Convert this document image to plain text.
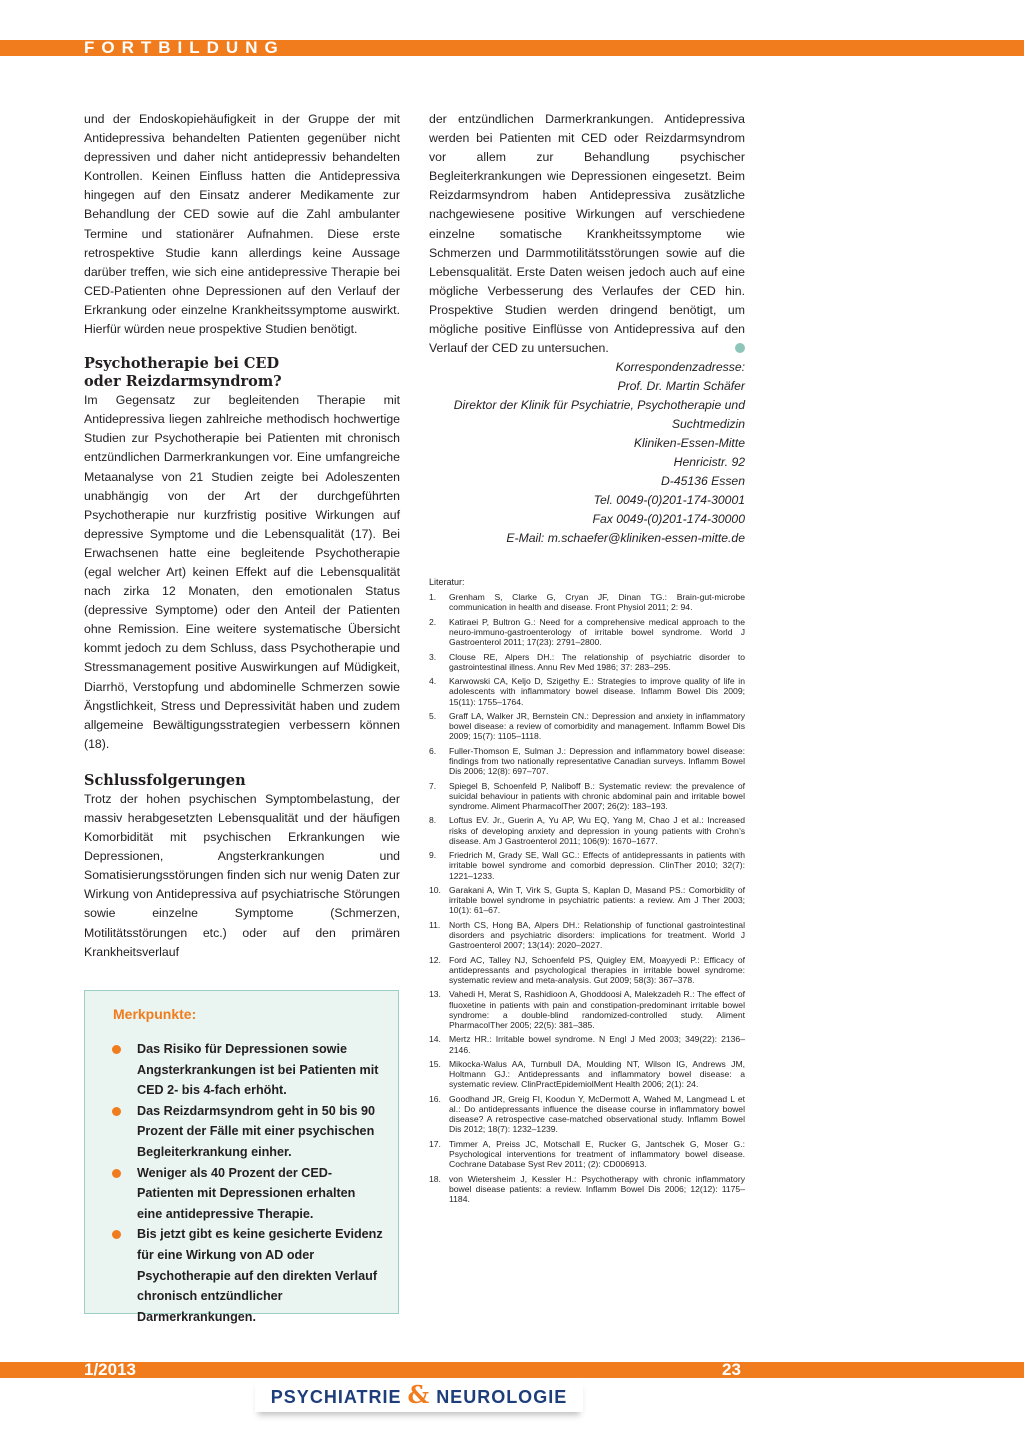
FORTBILDUNG

und der Endoskopiehäufigkeit in der Gruppe der mit Antidepressiva behandelten Patienten gegenüber nicht depressiven und daher nicht antidepressiv behandelten Kontrollen. Keinen Einfluss hatten die Antidepressiva hingegen auf den Einsatz anderer Medikamente zur Behandlung der CED sowie auf die Zahl ambulanter Termine und stationärer Aufnahmen. Diese erste retrospektive Studie kann allerdings keine Aussage darüber treffen, wie sich eine antidepressive Therapie bei CED-Patienten ohne Depressionen auf den Verlauf der Erkrankung oder einzelne Krankheitssymptome auswirkt. Hierfür würden neue prospektive Studien benötigt.

Psychotherapie bei CED
oder Reizdarmsyndrom?

Im Gegensatz zur begleitenden Therapie mit Antidepressiva liegen zahlreiche methodisch hochwertige Studien zur Psychotherapie bei Patienten mit chronisch entzündlichen Darmerkrankungen vor. Eine umfangreiche Metaanalyse von 21 Studien zeigte bei Adoleszenten unabhängig von der Art der durchgeführten Psychotherapie nur kurzfristig positive Wirkungen auf depressive Symptome und die Lebensqualität (17). Bei Erwachsenen hatte eine begleitende Psychotherapie (egal welcher Art) keinen Effekt auf die Lebensqualität nach zirka 12 Monaten, den emotionalen Status (depressive Symptome) oder den Anteil der Patienten ohne Remission. Eine weitere systematische Übersicht kommt jedoch zu dem Schluss, dass Psychotherapie und Stressmanagement positive Auswirkungen auf Müdigkeit, Diarrhö, Verstopfung und abdominelle Schmerzen sowie Ängstlichkeit, Stress und Depressivität haben und zudem allgemeine Bewältigungsstrategien verbessern können (18).

Schlussfolgerungen

Trotz der hohen psychischen Symptombelastung, der massiv herabgesetzten Lebensqualität und der häufigen Komorbidität mit psychischen Erkrankungen wie Depressionen, Angsterkrankungen und Somatisierungsstörungen finden sich nur wenig Daten zur Wirkung von Antidepressiva auf psychiatrische Störungen sowie einzelne Symptome (Schmerzen, Motilitätsstörungen etc.) oder auf den primären Krankheitsverlauf

Merkpunkte:
Das Risiko für Depressionen sowie Angsterkrankungen ist bei Patienten mit CED 2- bis 4-fach erhöht.
Das Reizdarmsyndrom geht in 50 bis 90 Prozent der Fälle mit einer psychischen Begleiterkrankung einher.
Weniger als 40 Prozent der CED-Patienten mit Depressionen erhalten eine antidepressive Therapie.
Bis jetzt gibt es keine gesicherte Evidenz für eine Wirkung von AD oder Psychotherapie auf den direkten Verlauf chronisch entzündlicher Darmerkrankungen.

der entzündlichen Darmerkrankungen. Antidepressiva werden bei Patienten mit CED oder Reizdarmsyndrom vor allem zur Behandlung psychischer Begleiterkrankungen wie Depressionen eingesetzt. Beim Reizdarmsyndrom haben Antidepressiva zusätzliche nachgewiesene positive Wirkungen auf verschiedene einzelne somatische Krankheitssymptome wie Schmerzen und Darmmotilitätsstörungen sowie auf die Lebensqualität. Erste Daten weisen jedoch auch auf eine mögliche Verbesserung des Verlaufes der CED hin. Prospektive Studien werden dringend benötigt, um mögliche positive Einflüsse von Antidepressiva auf den Verlauf der CED zu untersuchen.

Korrespondenzadresse:
Prof. Dr. Martin Schäfer
Direktor der Klinik für Psychiatrie, Psychotherapie und
Suchtmedizin
Kliniken-Essen-Mitte
Henricistr. 92
D-45136 Essen
Tel. 0049-(0)201-174-30001
Fax 0049-(0)201-174-30000
E-Mail: m.schaefer@kliniken-essen-mitte.de
Literatur:
1. Grenham S, Clarke G, Cryan JF, Dinan TG.: Brain-gut-microbe communication in health and disease. Front Physiol 2011; 2: 94.
2. Katiraei P, Bultron G.: Need for a comprehensive medical approach to the neuro-immuno-gastroenterology of irritable bowel syndrome. World J Gastroenterol 2011; 17(23): 2791–2800.
3. Clouse RE, Alpers DH.: The relationship of psychiatric disorder to gastrointestinal illness. Annu Rev Med 1986; 37: 283–295.
4. Karwowski CA, Keljo D, Szigethy E.: Strategies to improve quality of life in adolescents with inflammatory bowel disease. Inflamm Bowel Dis 2009; 15(11): 1755–1764.
5. Graff LA, Walker JR, Bernstein CN.: Depression and anxiety in inflammatory bowel disease: a review of comorbidity and management. Inflamm Bowel Dis 2009; 15(7): 1105–1118.
6. Fuller-Thomson E, Sulman J.: Depression and inflammatory bowel disease: findings from two nationally representative Canadian surveys. Inflamm Bowel Dis 2006; 12(8): 697–707.
7. Spiegel B, Schoenfeld P, Naliboff B.: Systematic review: the prevalence of suicidal behaviour in patients with chronic abdominal pain and irritable bowel syndrome. Aliment PharmacolTher 2007; 26(2): 183–193.
8. Loftus EV. Jr., Guerin A, Yu AP, Wu EQ, Yang M, Chao J et al.: Increased risks of developing anxiety and depression in young patients with Crohn’s disease. Am J Gastroenterol 2011; 106(9): 1670–1677.
9. Friedrich M, Grady SE, Wall GC.: Effects of antidepressants in patients with irritable bowel syndrome and comorbid depression. ClinTher 2010; 32(7): 1221–1233.
10. Garakani A, Win T, Virk S, Gupta S, Kaplan D, Masand PS.: Comorbidity of irritable bowel syndrome in psychiatric patients: a review. Am J Ther 2003; 10(1): 61–67.
11. North CS, Hong BA, Alpers DH.: Relationship of functional gastrointestinal disorders and psychiatric disorders: implications for treatment. World J Gastroenterol 2007; 13(14): 2020–2027.
12. Ford AC, Talley NJ, Schoenfeld PS, Quigley EM, Moayyedi P.: Efficacy of antidepressants and psychological therapies in irritable bowel syndrome: systematic review and meta-analysis. Gut 2009; 58(3): 367–378.
13. Vahedi H, Merat S, Rashidioon A, Ghoddoosi A, Malekzadeh R.: The effect of fluoxetine in patients with pain and constipation-predominant irritable bowel syndrome: a double-blind randomized-controlled study. Aliment PharmacolTher 2005; 22(5): 381–385.
14. Mertz HR.: Irritable bowel syndrome. N Engl J Med 2003; 349(22): 2136–2146.
15. Mikocka-Walus AA, Turnbull DA, Moulding NT, Wilson IG, Andrews JM, Holtmann GJ.: Antidepressants and inflammatory bowel disease: a systematic review. ClinPractEpidemiolMent Health 2006; 2(1): 24.
16. Goodhand JR, Greig FI, Koodun Y, McDermott A, Wahed M, Langmead L et al.: Do antidepressants influence the disease course in inflammatory bowel disease? A retrospective case-matched observational study. Inflamm Bowel Dis 2012; 18(7): 1232–1239.
17. Timmer A, Preiss JC, Motschall E, Rucker G, Jantschek G, Moser G.: Psychological interventions for treatment of inflammatory bowel disease. Cochrane Database Syst Rev 2011; (2): CD006913.
18. von Wietersheim J, Kessler H.: Psychotherapy with chronic inflammatory bowel disease patients: a review. Inflamm Bowel Dis 2006; 12(12): 1175–1184.
1/2013	23
PSYCHIATRIE & NEUROLOGIE
